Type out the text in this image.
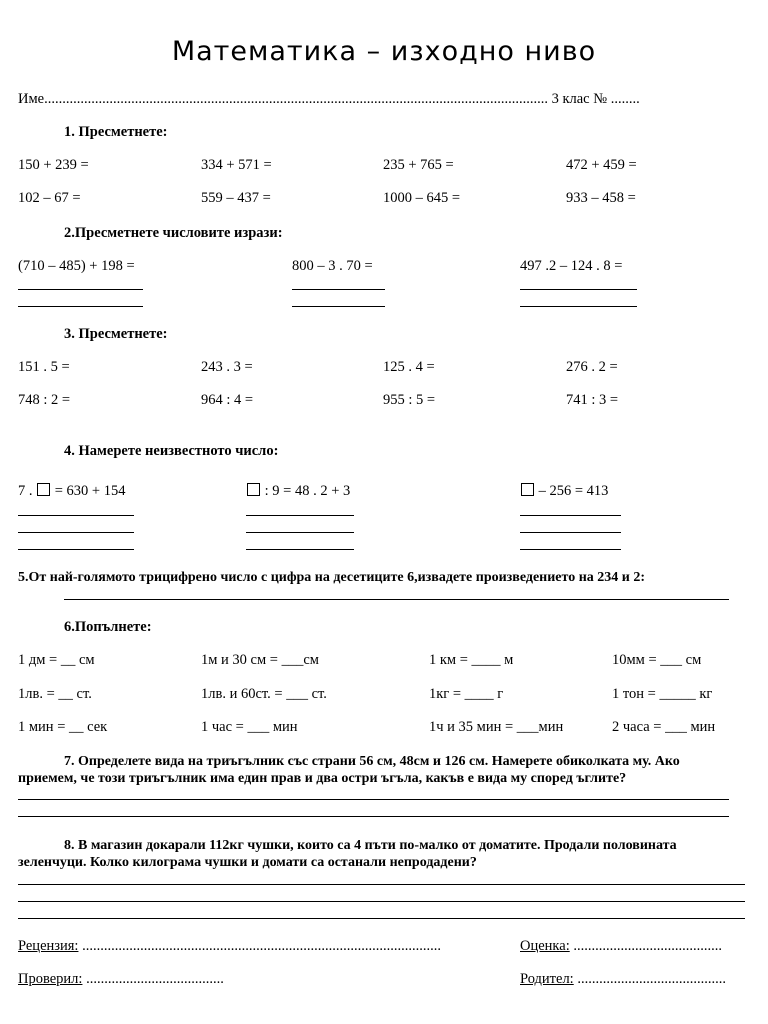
Математика – изходно ниво
Име........................................................................................................................................... 3 клас № ........
1. Пресметнете:
150 + 239 =	334 + 571 =	235 + 765 =	472 + 459 =
102 – 67 =	559 – 437 =	1000 – 645 =	933 – 458 =
2.Пресметнете числовите изрази:
(710 – 485) + 198 =	800 – 3 . 70 =	497 .2 – 124 . 8 =
3. Пресметнете:
151 . 5 =	243 . 3 =	125 . 4 =	276 . 2 =
748 : 2 =	964 : 4 =	955 : 5 =	741 : 3 =
4. Намерете неизвестното число:
7 . = 630 + 154	: 9 = 48 . 2 + 3	– 256 = 413
5.От най-голямото трицифрено число с цифра на десетиците 6,извадете произведението на 234 и 2:
6.Попълнете:
1 дм = __ см	1м и 30 см = ___см	1 км = ____ м	10мм = ___ см
1лв. = __ ст.	1лв. и 60ст. = ___ ст.	1кг = ____ г	1 тон = _____ кг
1 мин = __ сек	1 час = ___ мин	1ч и 35 мин = ___мин	2 часа = ___ мин
7. Определете вида на триъгълник със страни 56 см, 48см и 126 см. Намерете обиколката му. Ако
приемем, че този триъгълник има един прав и два остри ъгъла, какъв е вида му според ъглите?
8. В магазин докарали 112кг чушки, които са 4 пъти по-малко от доматите. Продали половината
зеленчуци. Колко килограма чушки и домати са останали непродадени?
Рецензия: ...................................................................................................	Оценка: .........................................
Проверил: ......................................	Родител: .........................................
